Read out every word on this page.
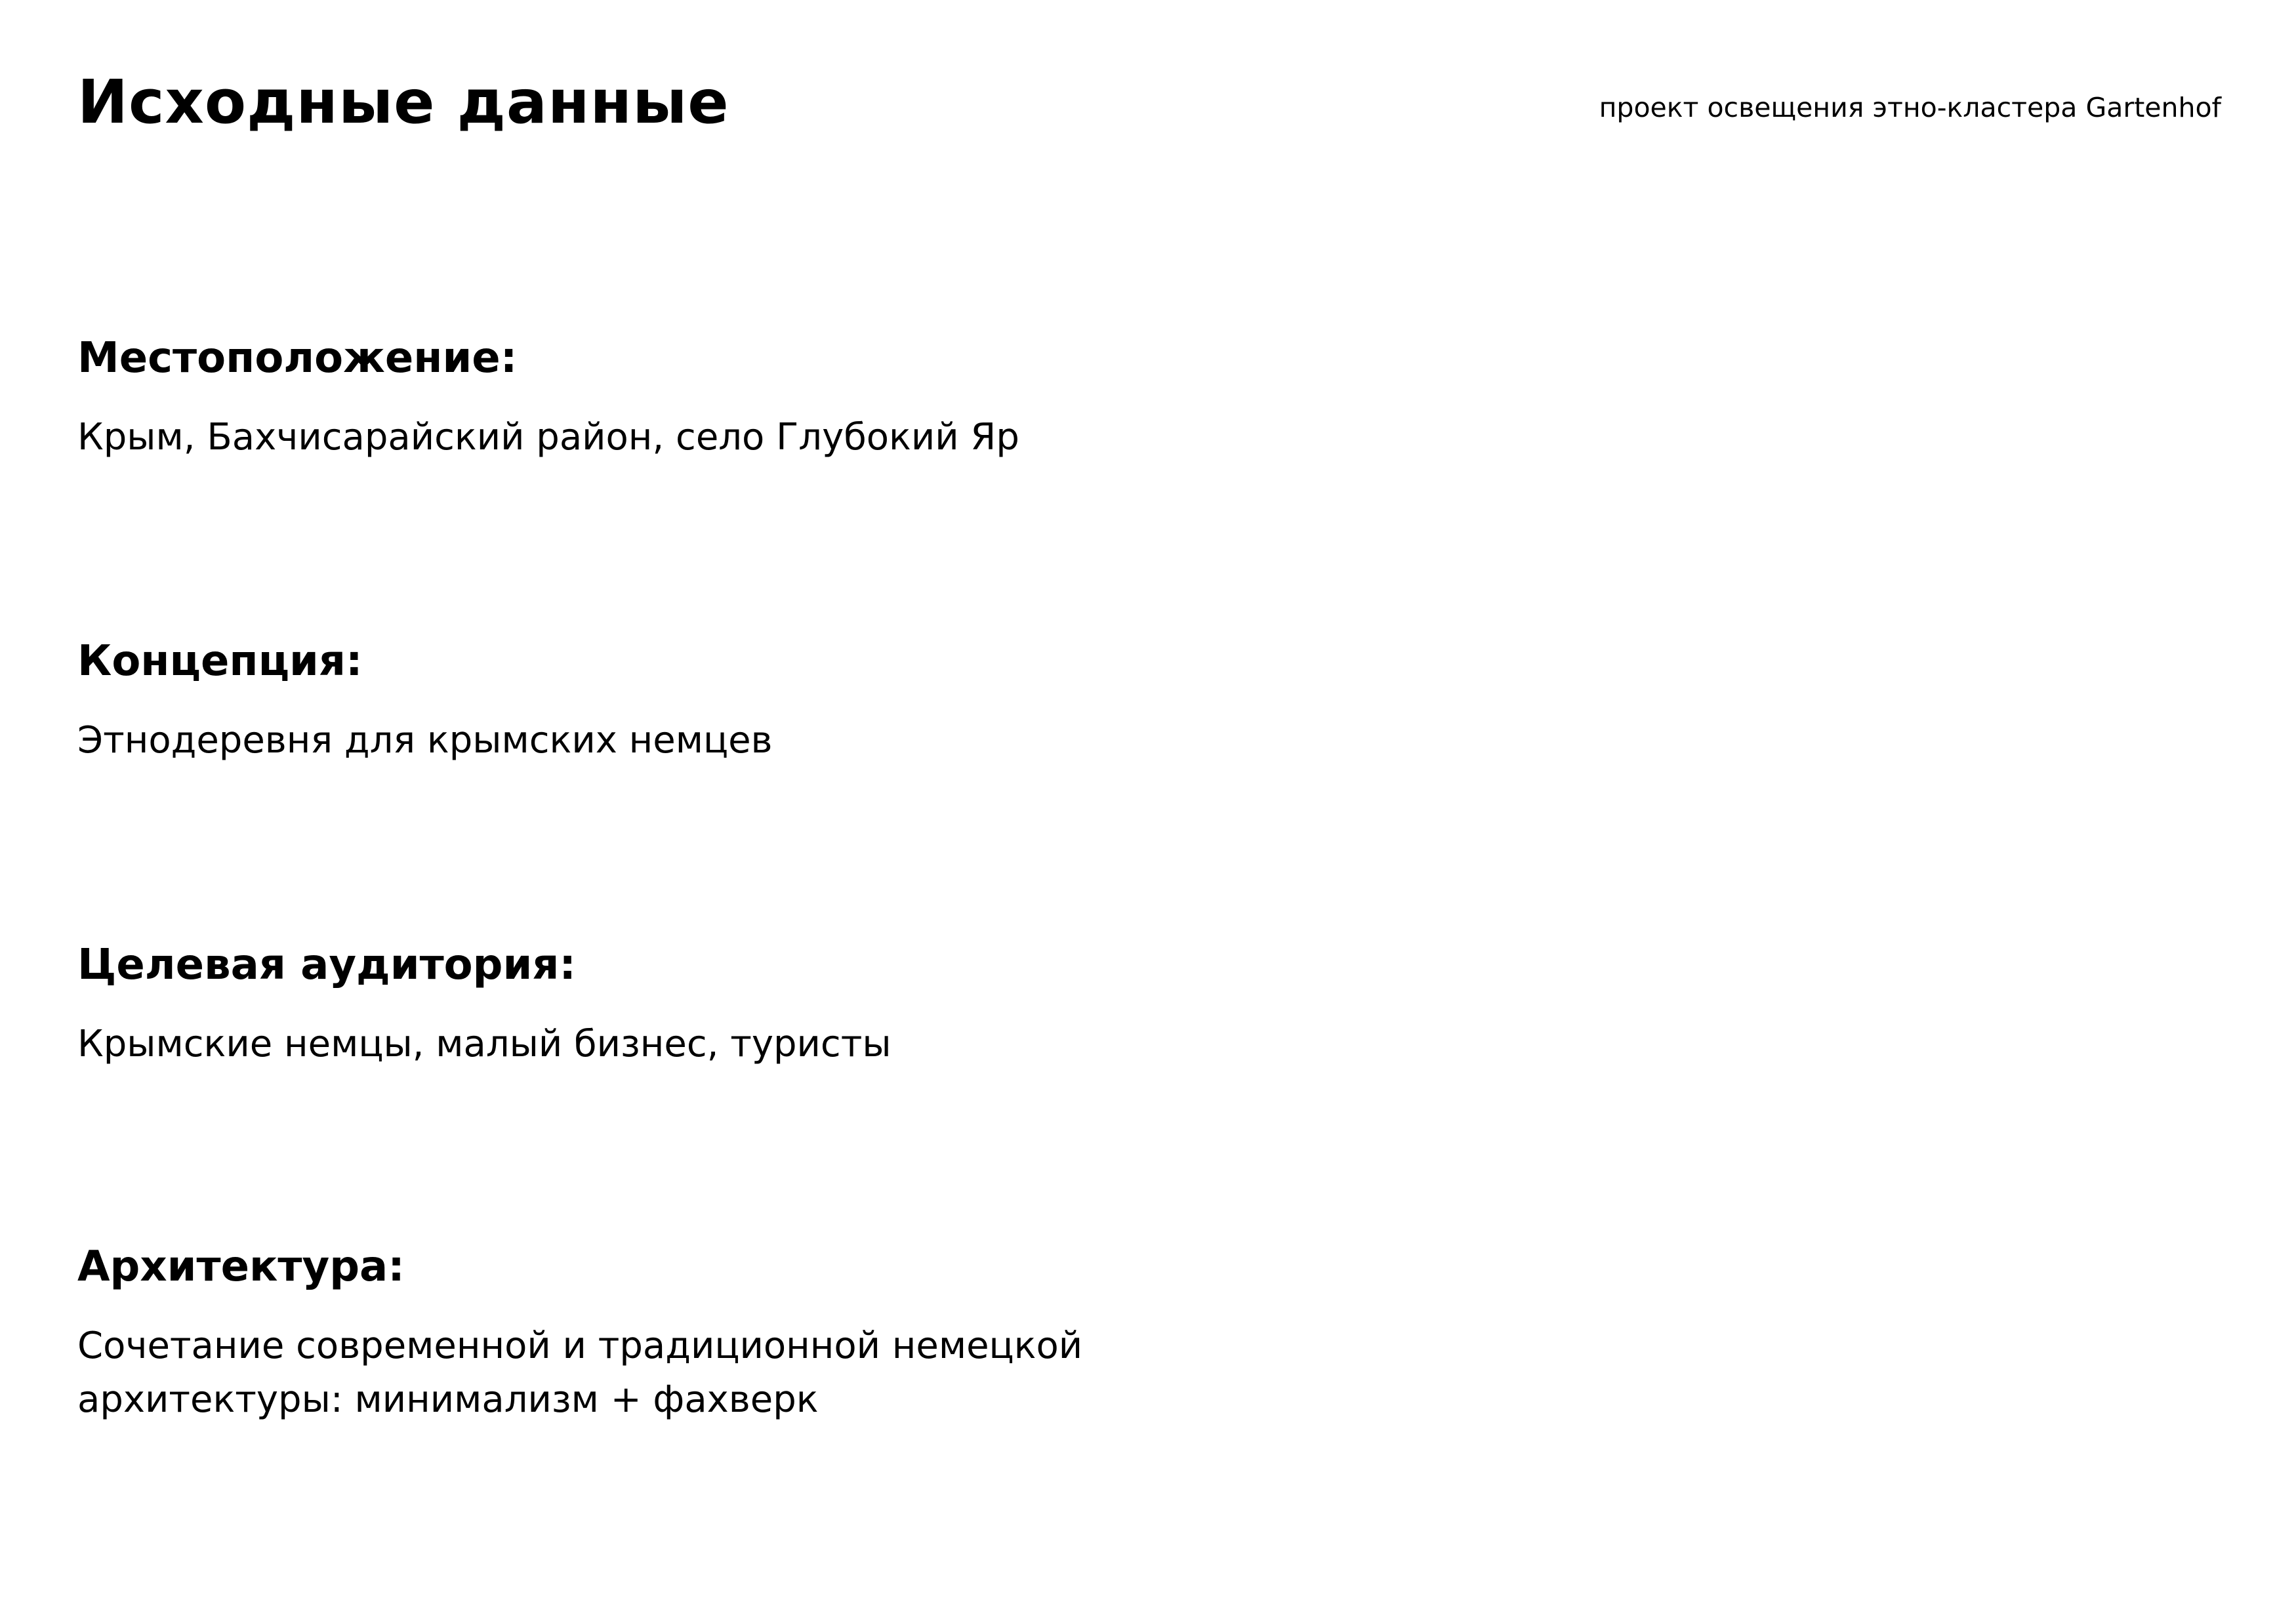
Исходные данные	проект освещения этно-кластера Gartenhof
Местоположение:
Крым, Бахчисарайский район, село Глубокий Яр
Концепция:
Этнодеревня для крымских немцев
Целевая аудитория:
Крымские немцы, малый бизнес, туристы
Архитектура:
Сочетание современной и традиционной немецкой
архитектуры: минимализм + фахверк
